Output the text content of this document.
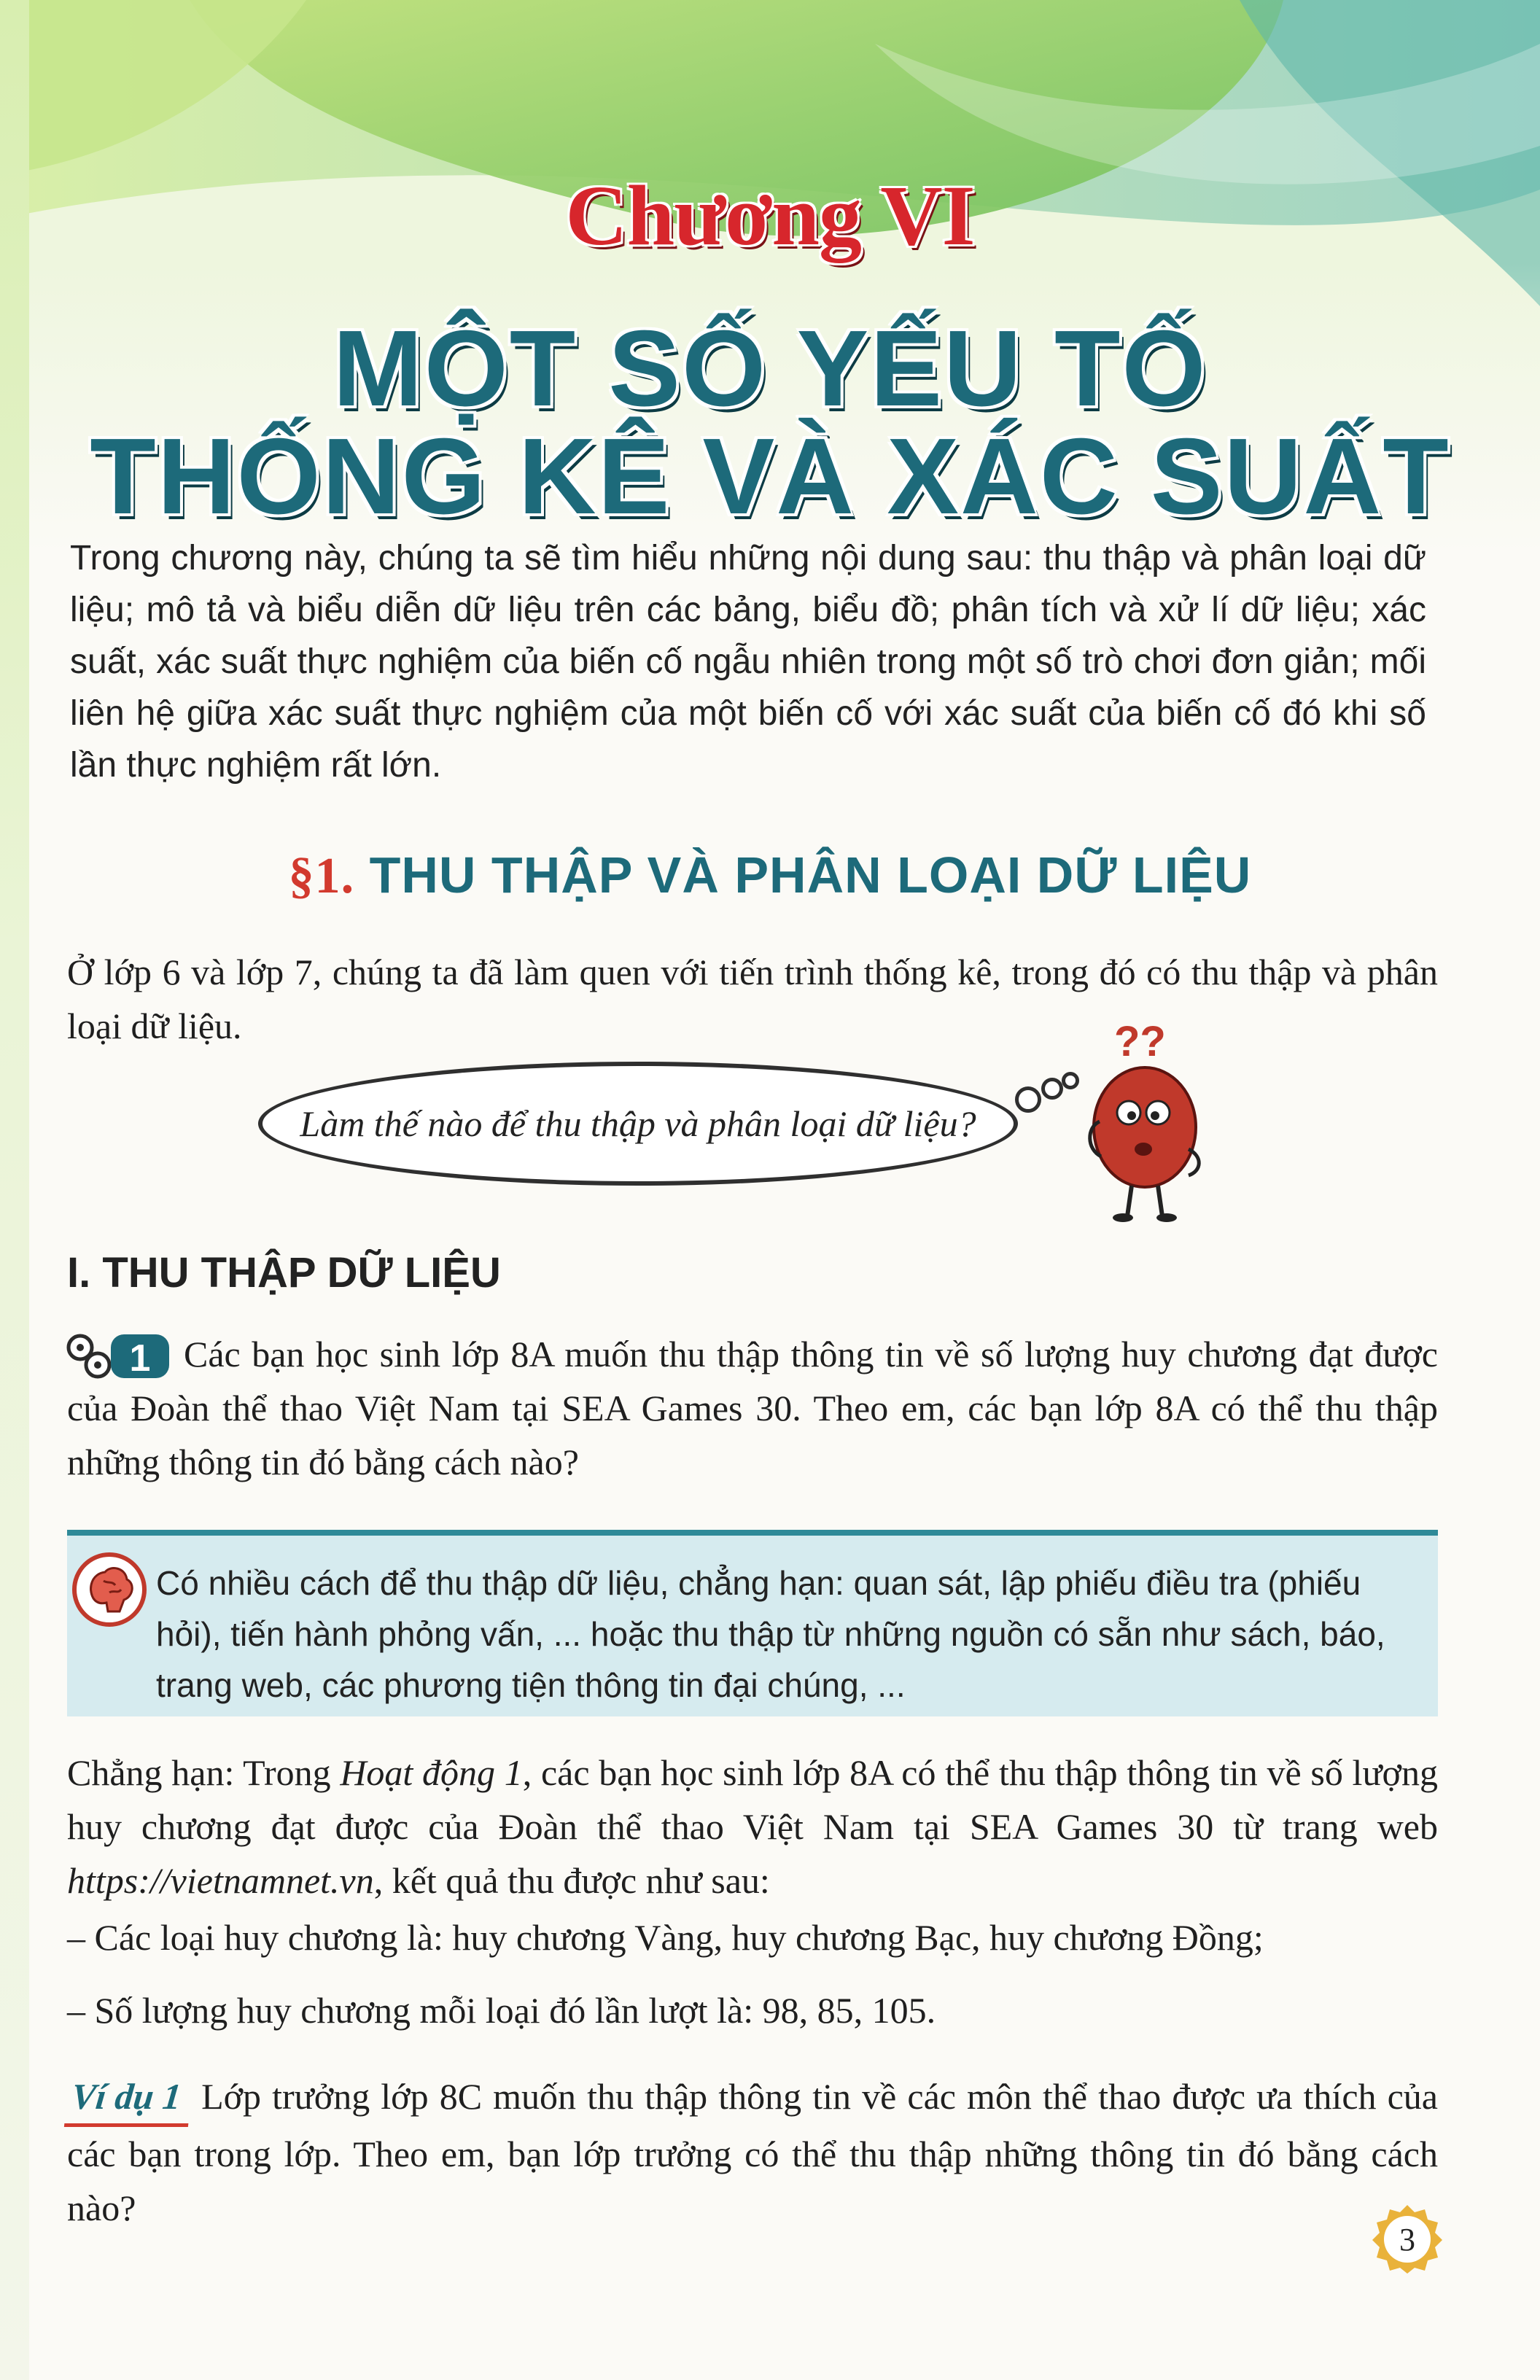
Chương VI
MỘT SỐ YẾU TỐ
THỐNG KÊ VÀ XÁC SUẤT
Trong chương này, chúng ta sẽ tìm hiểu những nội dung sau: thu thập và phân loại dữ liệu; mô tả và biểu diễn dữ liệu trên các bảng, biểu đồ; phân tích và xử lí dữ liệu; xác suất, xác suất thực nghiệm của biến cố ngẫu nhiên trong một số trò chơi đơn giản; mối liên hệ giữa xác suất thực nghiệm của một biến cố với xác suất của biến cố đó khi số lần thực nghiệm rất lớn.
§1. THU THẬP VÀ PHÂN LOẠI DỮ LIỆU
Ở lớp 6 và lớp 7, chúng ta đã làm quen với tiến trình thống kê, trong đó có thu thập và phân loại dữ liệu.
Làm thế nào để thu thập và phân loại dữ liệu?
??
I. THU THẬP DỮ LIỆU
1 Các bạn học sinh lớp 8A muốn thu thập thông tin về số lượng huy chương đạt được của Đoàn thể thao Việt Nam tại SEA Games 30. Theo em, các bạn lớp 8A có thể thu thập những thông tin đó bằng cách nào?
Có nhiều cách để thu thập dữ liệu, chẳng hạn: quan sát, lập phiếu điều tra (phiếu hỏi), tiến hành phỏng vấn, ... hoặc thu thập từ những nguồn có sẵn như sách, báo, trang web, các phương tiện thông tin đại chúng, ...
Chẳng hạn: Trong Hoạt động 1, các bạn học sinh lớp 8A có thể thu thập thông tin về số lượng huy chương đạt được của Đoàn thể thao Việt Nam tại SEA Games 30 từ trang web https://vietnamnet.vn, kết quả thu được như sau:
– Các loại huy chương là: huy chương Vàng, huy chương Bạc, huy chương Đồng;
– Số lượng huy chương mỗi loại đó lần lượt là: 98, 85, 105.
Ví dụ 1 Lớp trưởng lớp 8C muốn thu thập thông tin về các môn thể thao được ưa thích của các bạn trong lớp. Theo em, bạn lớp trưởng có thể thu thập những thông tin đó bằng cách nào?
3
